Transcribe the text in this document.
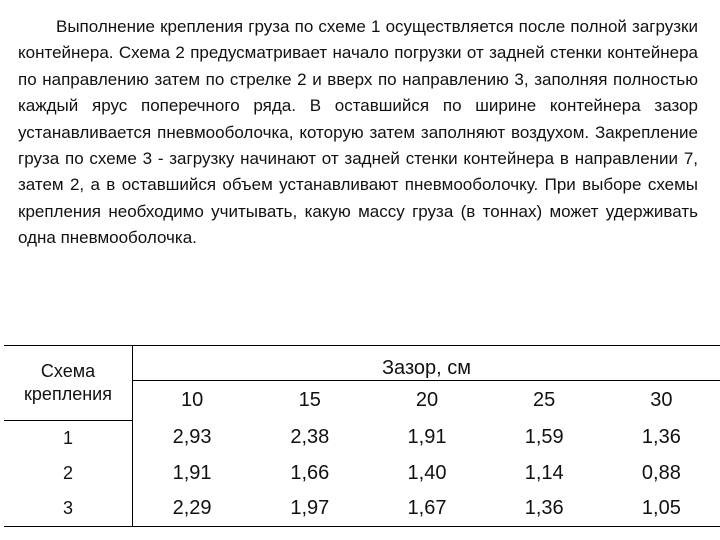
Выполнение крепления груза по схеме 1 осуществляется после полной загрузки контейнера. Схема 2 предусматривает начало погрузки от задней стенки контейнера по направлению затем по стрелке 2 и вверх по направлению 3, заполняя полностью каждый ярус поперечного ряда. В оставшийся по ширине контейнера зазор устанавливается пневмооболочка, которую затем заполняют воздухом. Закрепление груза по схеме 3 - загрузку начинают от задней стенки контейнера в направлении 7, затем 2, а в оставшийся объем устанавливают пневмооболочку. При выборе схемы крепления необходимо учитывать, какую массу груза (в тоннах) может удерживать одна пневмооболочка.

Схема крепления	Зазор, см				
	10	15	20	25	30
1	2,93	2,38	1,91	1,59	1,36
2	1,91	1,66	1,40	1,14	0,88
3	2,29	1,97	1,67	1,36	1,05
